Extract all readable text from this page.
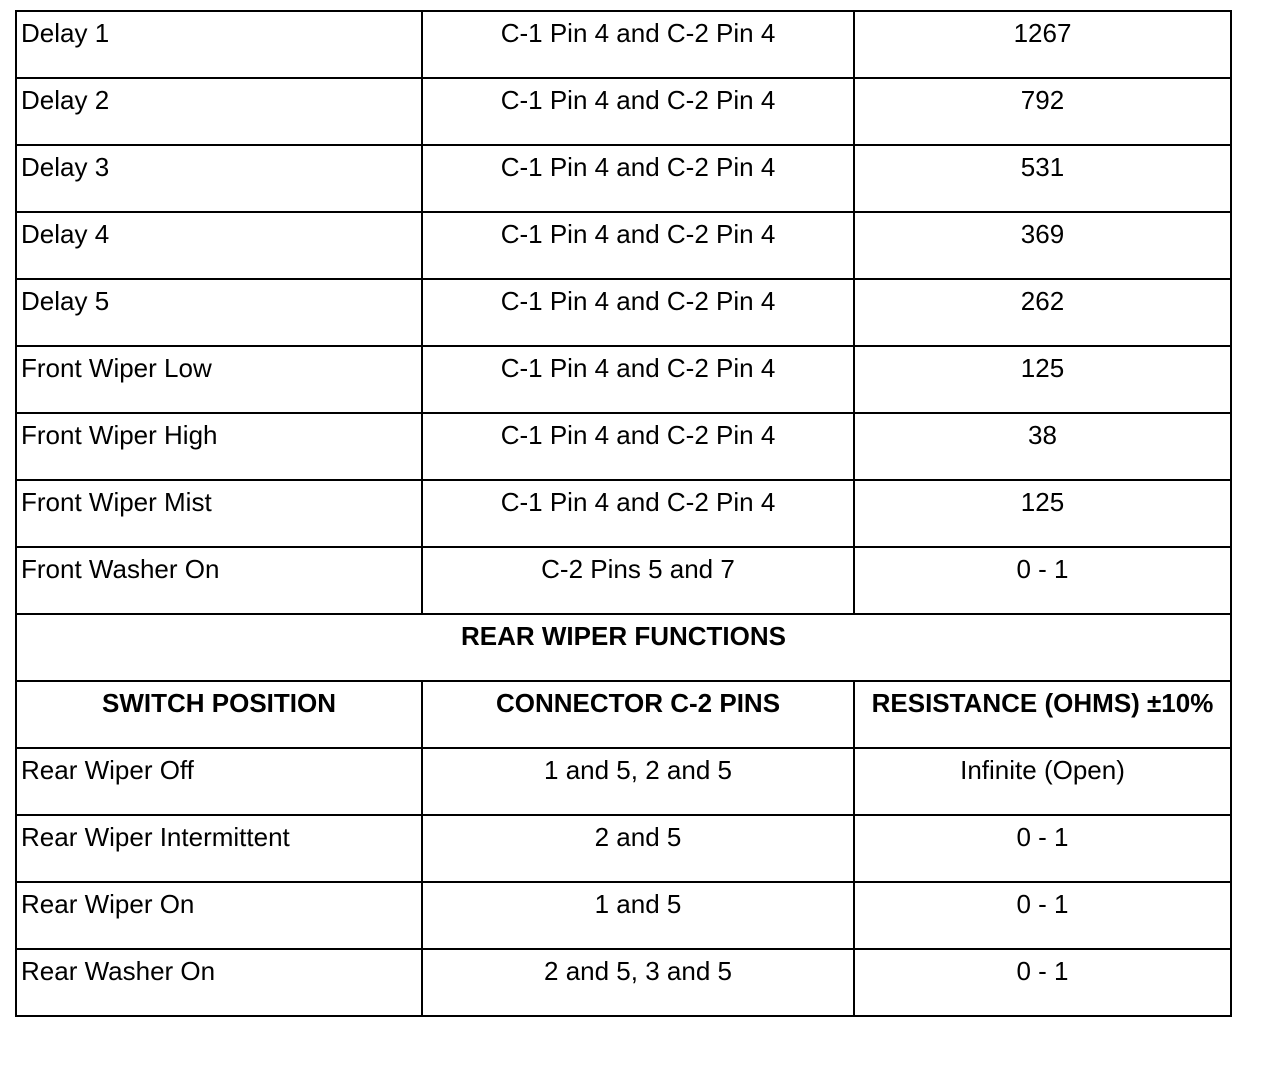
Delay 1	C-1 Pin 4 and C-2 Pin 4	1267
Delay 2	C-1 Pin 4 and C-2 Pin 4	792
Delay 3	C-1 Pin 4 and C-2 Pin 4	531
Delay 4	C-1 Pin 4 and C-2 Pin 4	369
Delay 5	C-1 Pin 4 and C-2 Pin 4	262
Front Wiper Low	C-1 Pin 4 and C-2 Pin 4	125
Front Wiper High	C-1 Pin 4 and C-2 Pin 4	38
Front Wiper Mist	C-1 Pin 4 and C-2 Pin 4	125
Front Washer On	C-2 Pins 5 and 7	0 - 1
REAR WIPER FUNCTIONS		
SWITCH POSITION	CONNECTOR C-2 PINS	RESISTANCE (OHMS) ±10%
Rear Wiper Off	1 and 5, 2 and 5	Infinite (Open)
Rear Wiper Intermittent	2 and 5	0 - 1
Rear Wiper On	1 and 5	0 - 1
Rear Washer On	2 and 5, 3 and 5	0 - 1
